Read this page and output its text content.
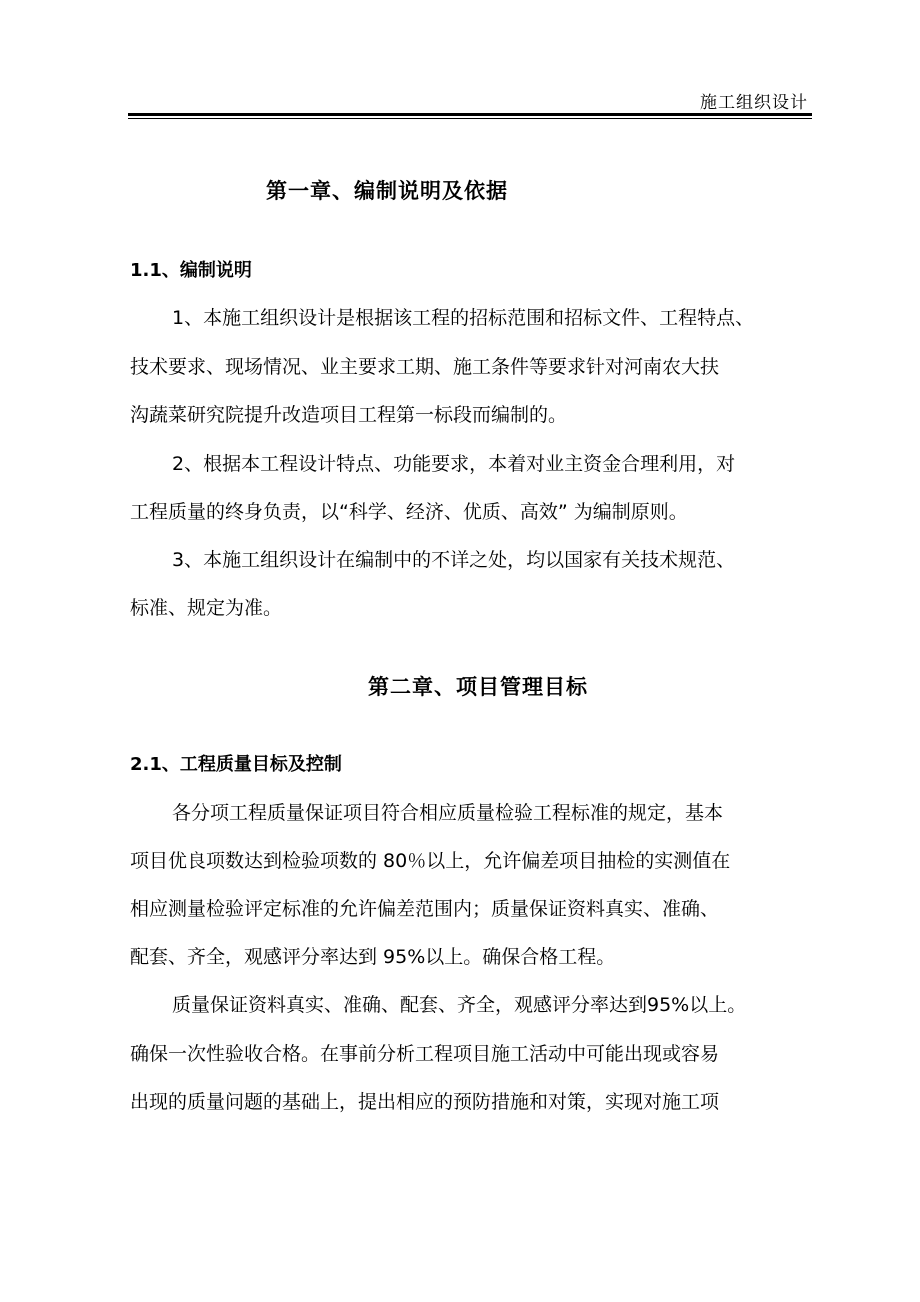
施工组织设计
第一章、编制说明及依据
1.1、编制说明
1、本施工组织设计是根据该工程的招标范围和招标文件、工程特点、
技术要求、现场情况、业主要求工期、施工条件等要求针对河南农大扶
沟蔬菜研究院提升改造项目工程第一标段而编制的。
2、根据本工程设计特点、功能要求，本着对业主资金合理利用，对
工程质量的终身负责，以“科学、经济、优质、高效” 为编制原则。
3、本施工组织设计在编制中的不详之处，均以国家有关技术规范、
标准、规定为准。
第二章、项目管理目标
2.1、工程质量目标及控制
各分项工程质量保证项目符合相应质量检验工程标准的规定，基本
项目优良项数达到检验项数的 80％以上，允许偏差项目抽检的实测值在
相应测量检验评定标准的允许偏差范围内；质量保证资料真实、准确、
配套、齐全，观感评分率达到 95%以上。确保合格工程。
质量保证资料真实、准确、配套、齐全，观感评分率达到95%以上。
确保一次性验收合格。在事前分析工程项目施工活动中可能出现或容易
出现的质量问题的基础上，提出相应的预防措施和对策，实现对施工项
